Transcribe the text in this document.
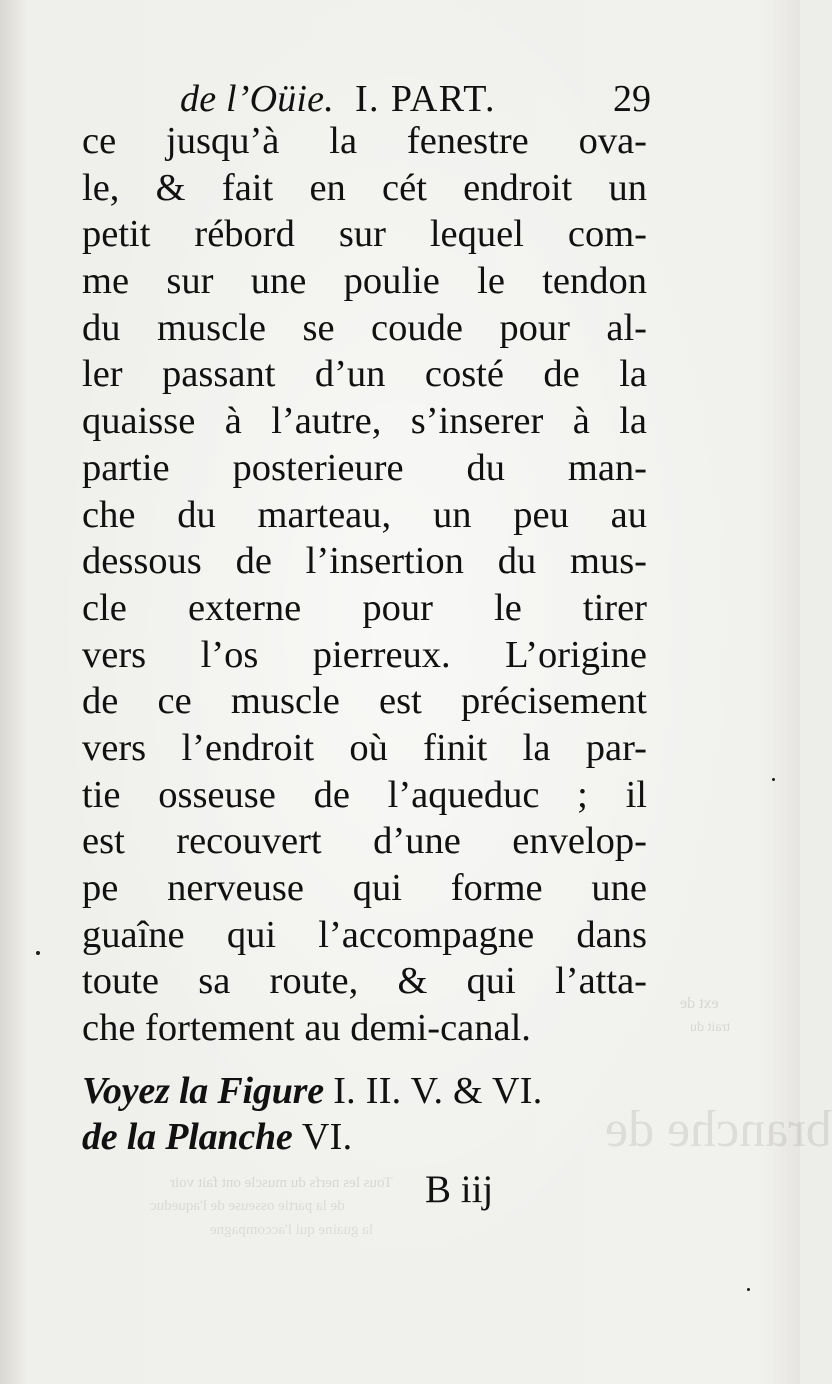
branche de
Tous les nerfs du muscle ont fait voir
de la partie osseuse de l'aqueduc
la guaine qui l'accompagne
ext de
trait du
de l’Oüie. I. PART.	29
ce jusqu’à la fenestre ova-
le, & fait en cét endroit un
petit rébord sur lequel com-
me sur une poulie le tendon
du muscle se coude pour al-
ler passant d’un costé de la
quaisse à l’autre, s’inserer à la
partie posterieure du man-
che du marteau, un peu au
dessous de l’insertion du mus-
cle externe pour le tirer
vers l’os pierreux. L’origine
de ce muscle est précisement
vers l’endroit où finit la par-
tie osseuse de l’aqueduc ; il
est recouvert d’une envelop-
pe nerveuse qui forme une
guaîne qui l’accompagne dans
toute sa route, & qui l’atta-
che fortement au demi-canal.
Voyez la Figure I. II. V. & VI.
de la Planche VI.
B iij
